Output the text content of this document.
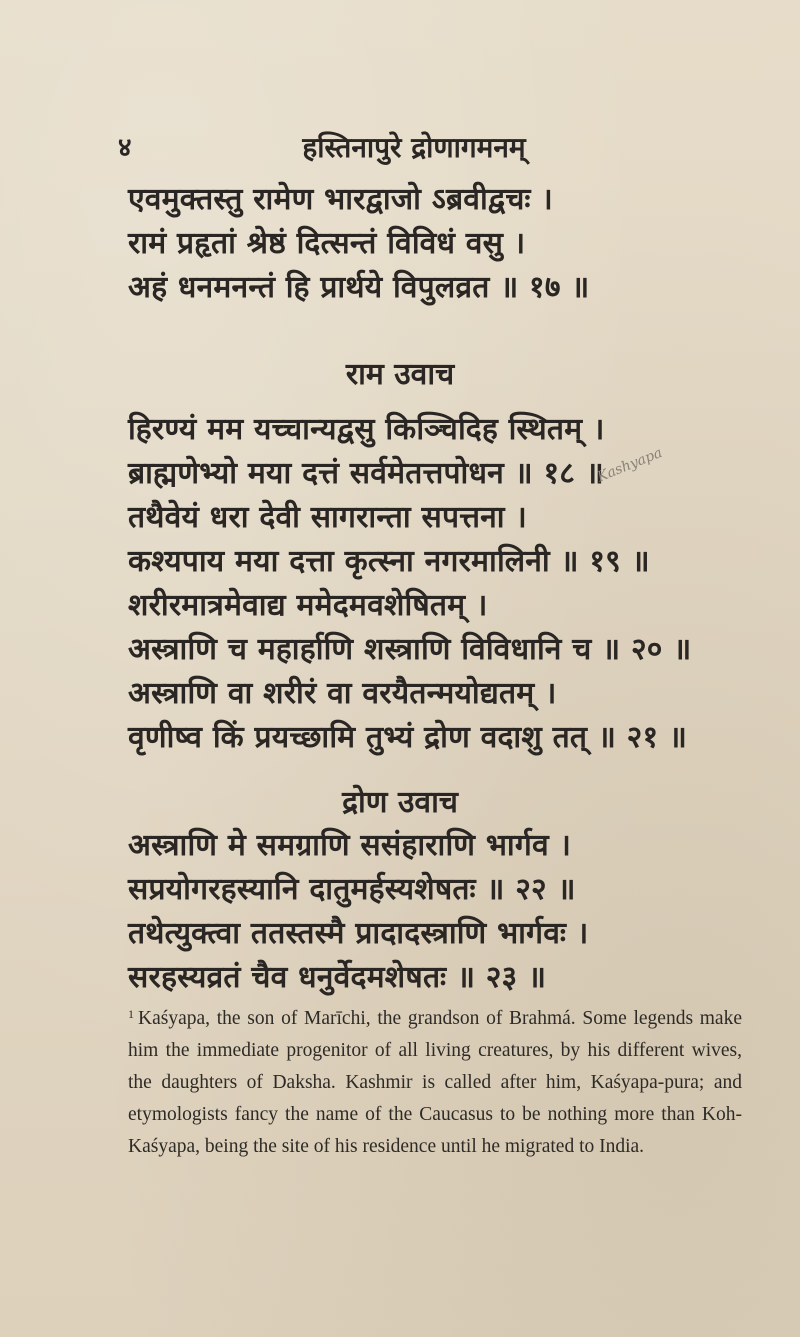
४	हस्तिनापुरे द्रोणागमनम्
एवमुक्तस्तु रामेण भारद्वाजो ऽब्रवीद्वचः ।
रामं प्रहृतां श्रेष्ठं दित्सन्तं विविधं वसु ।
अहं धनमनन्तं हि प्रार्थये विपुलव्रत ॥ १७ ॥
राम उवाच
हिरण्यं मम यच्चान्यद्वसु किञ्चिदिह स्थितम् ।
ब्राह्मणेभ्यो मया दत्तं सर्वमेतत्तपोधन ॥ १८ ॥
तथैवेयं धरा देवी सागरान्ता सपत्तना ।
कश्यपाय मया दत्ता कृत्स्ना नगरमालिनी ॥ १९ ॥
शरीरमात्रमेवाद्य ममेदमवशेषितम् ।
अस्त्राणि च महार्हाणि शस्त्राणि विविधानि च ॥ २० ॥
अस्त्राणि वा शरीरं वा वरयैतन्मयोद्यतम् ।
वृणीष्व किं प्रयच्छामि तुभ्यं द्रोण वदाशु तत् ॥ २१ ॥
Kashyapa
द्रोण उवाच
अस्त्राणि मे समग्राणि ससंहाराणि भार्गव ।
सप्रयोगरहस्यानि दातुमर्हस्यशेषतः ॥ २२ ॥
तथेत्युक्त्वा ततस्तस्मै प्रादादस्त्राणि भार्गवः ।
सरहस्यव्रतं चैव धनुर्वेदमशेषतः ॥ २३ ॥
$^1$ Kaśyapa, the son of Marīchi, the grandson of Brahmá. Some legends make him the immediate progenitor of all living creatures, by his different wives, the daughters of Daksha. Kashmir is called after him, Kaśyapa-pura; and etymologists fancy the name of the Caucasus to be nothing more than Koh-Kaśyapa, being the site of his residence until he migrated to India.
